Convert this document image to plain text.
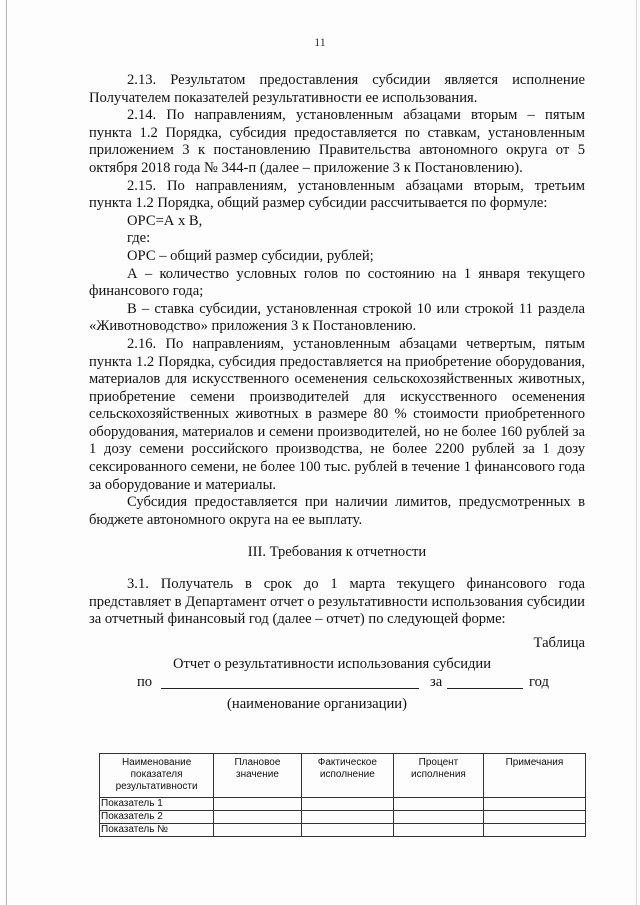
11

2.13. Результатом предоставления субсидии является исполнение Получателем показателей результативности ее использования.

2.14. По направлениям, установленным абзацами вторым – пятым пункта 1.2 Порядка, субсидия предоставляется по ставкам, установленным приложением 3 к постановлению Правительства автономного округа от 5 октября 2018 года № 344-п (далее – приложение 3 к Постановлению).

2.15. По направлениям, установленным абзацами вторым, третьим пункта 1.2 Порядка, общий размер субсидии рассчитывается по формуле:

ОРС=А х В,

где:

ОРС – общий размер субсидии, рублей;

А – количество условных голов по состоянию на 1 января текущего финансового года;

В – ставка субсидии, установленная строкой 10 или строкой 11 раздела «Животноводство» приложения 3 к Постановлению.

2.16. По направлениям, установленным абзацами четвертым, пятым пункта 1.2 Порядка, субсидия предоставляется на приобретение оборудования, материалов для искусственного осеменения сельскохозяйственных животных, приобретение семени производителей для искусственного осеменения сельскохозяйственных животных в размере 80 % стоимости приобретенного оборудования, материалов и семени производителей, но не более 160 рублей за 1 дозу семени российского производства, не более 2200 рублей за 1 дозу сексированного семени, не более 100 тыс. рублей в течение 1 финансового года за оборудование и материалы.

Субсидия предоставляется при наличии лимитов, предусмотренных в бюджете автономного округа на ее выплату.

III. Требования к отчетности

3.1. Получатель в срок до 1 марта текущего финансового года представляет в Департамент отчет о результативности использования субсидии за отчетный финансовый год (далее – отчет) по следующей форме:

Таблица
Отчет о результативности использования субсидии
по	за	год
(наименование организации)
Наименование показателя результативности	Плановое значение	Фактическое исполнение	Процент исполнения	Примечания
Показатель 1				
Показатель 2				
Показатель №				
